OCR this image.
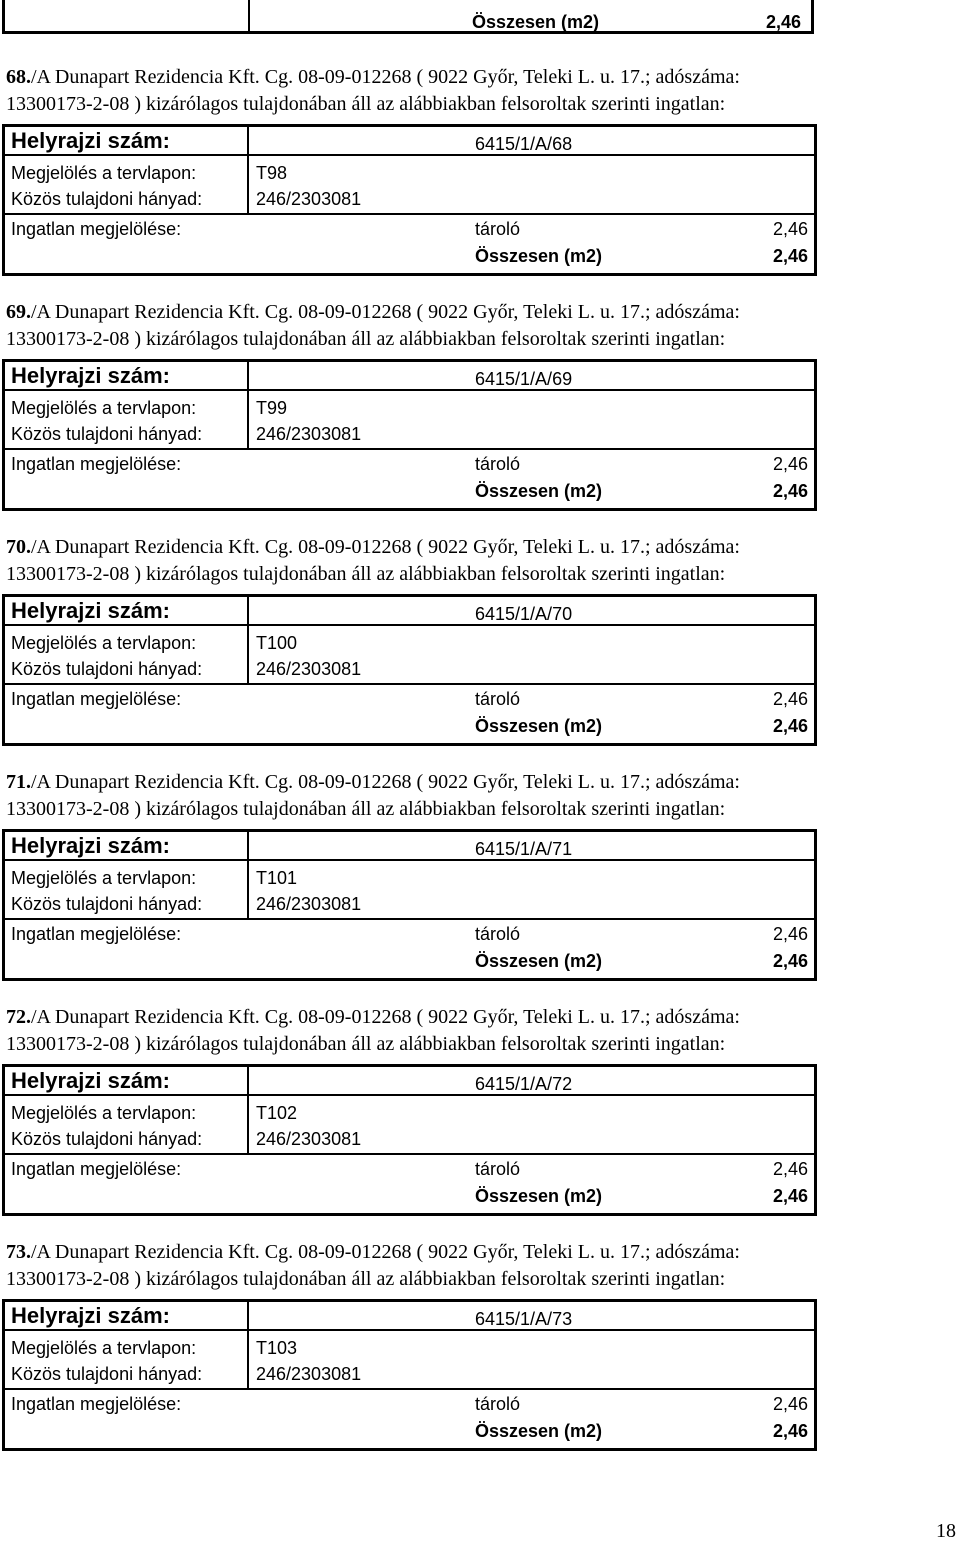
Összesen (m2)	2,46
68./A Dunapart Rezidencia Kft. Cg. 08-09-012268 ( 9022 Győr, Teleki L. u. 17.; adószáma:
13300173-2-08 ) kizárólagos tulajdonában áll az alábbiakban felsoroltak szerinti ingatlan:
Helyrajzi szám:	6415/1/A/68
Megjelölés a tervlapon:	T98
Közös tulajdoni hányad:	246/2303081
Ingatlan megjelölése:	tároló	2,46
Összesen (m2)	2,46
69./A Dunapart Rezidencia Kft. Cg. 08-09-012268 ( 9022 Győr, Teleki L. u. 17.; adószáma:
13300173-2-08 ) kizárólagos tulajdonában áll az alábbiakban felsoroltak szerinti ingatlan:
Helyrajzi szám:	6415/1/A/69
Megjelölés a tervlapon:	T99
Közös tulajdoni hányad:	246/2303081
Ingatlan megjelölése:	tároló	2,46
Összesen (m2)	2,46
70./A Dunapart Rezidencia Kft. Cg. 08-09-012268 ( 9022 Győr, Teleki L. u. 17.; adószáma:
13300173-2-08 ) kizárólagos tulajdonában áll az alábbiakban felsoroltak szerinti ingatlan:
Helyrajzi szám:	6415/1/A/70
Megjelölés a tervlapon:	T100
Közös tulajdoni hányad:	246/2303081
Ingatlan megjelölése:	tároló	2,46
Összesen (m2)	2,46
71./A Dunapart Rezidencia Kft. Cg. 08-09-012268 ( 9022 Győr, Teleki L. u. 17.; adószáma:
13300173-2-08 ) kizárólagos tulajdonában áll az alábbiakban felsoroltak szerinti ingatlan:
Helyrajzi szám:	6415/1/A/71
Megjelölés a tervlapon:	T101
Közös tulajdoni hányad:	246/2303081
Ingatlan megjelölése:	tároló	2,46
Összesen (m2)	2,46
72./A Dunapart Rezidencia Kft. Cg. 08-09-012268 ( 9022 Győr, Teleki L. u. 17.; adószáma:
13300173-2-08 ) kizárólagos tulajdonában áll az alábbiakban felsoroltak szerinti ingatlan:
Helyrajzi szám:	6415/1/A/72
Megjelölés a tervlapon:	T102
Közös tulajdoni hányad:	246/2303081
Ingatlan megjelölése:	tároló	2,46
Összesen (m2)	2,46
73./A Dunapart Rezidencia Kft. Cg. 08-09-012268 ( 9022 Győr, Teleki L. u. 17.; adószáma:
13300173-2-08 ) kizárólagos tulajdonában áll az alábbiakban felsoroltak szerinti ingatlan:
Helyrajzi szám:	6415/1/A/73
Megjelölés a tervlapon:	T103
Közös tulajdoni hányad:	246/2303081
Ingatlan megjelölése:	tároló	2,46
Összesen (m2)	2,46
18
